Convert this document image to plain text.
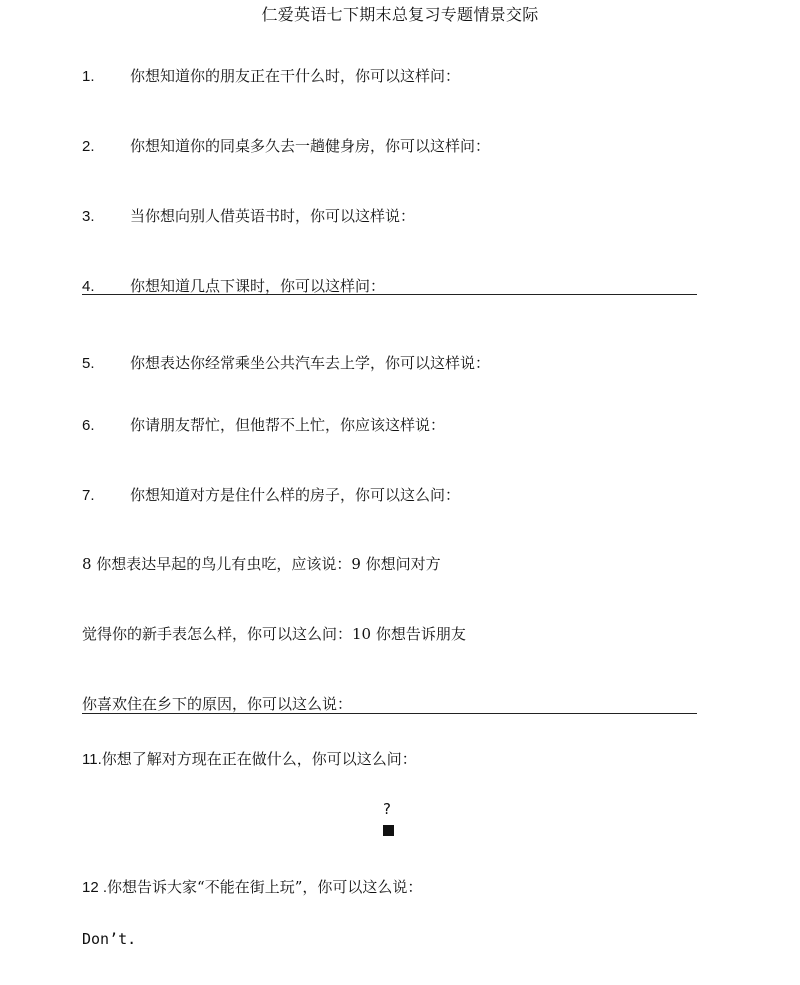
仁爱英语七下期末总复习专题情景交际
1. 你想知道你的朋友正在干什么时，你可以这样问：
2. 你想知道你的同桌多久去一趟健身房，你可以这样问：
3. 当你想向别人借英语书时，你可以这样说：
4. 你想知道几点下课时，你可以这样问：
5. 你想表达你经常乘坐公共汽车去上学，你可以这样说：
6. 你请朋友帮忙，但他帮不上忙，你应该这样说：
7. 你想知道对方是住什么样的房子，你可以这么问：
8 你想表达早起的鸟儿有虫吃，应该说：9 你想问对方
觉得你的新手表怎么样，你可以这么问：10 你想告诉朋友
你喜欢住在乡下的原因，你可以这么说：
11.你想了解对方现在正在做什么，你可以这么问：
?
12 .你想告诉大家“不能在街上玩”，你可以这么说：
Don’t.
